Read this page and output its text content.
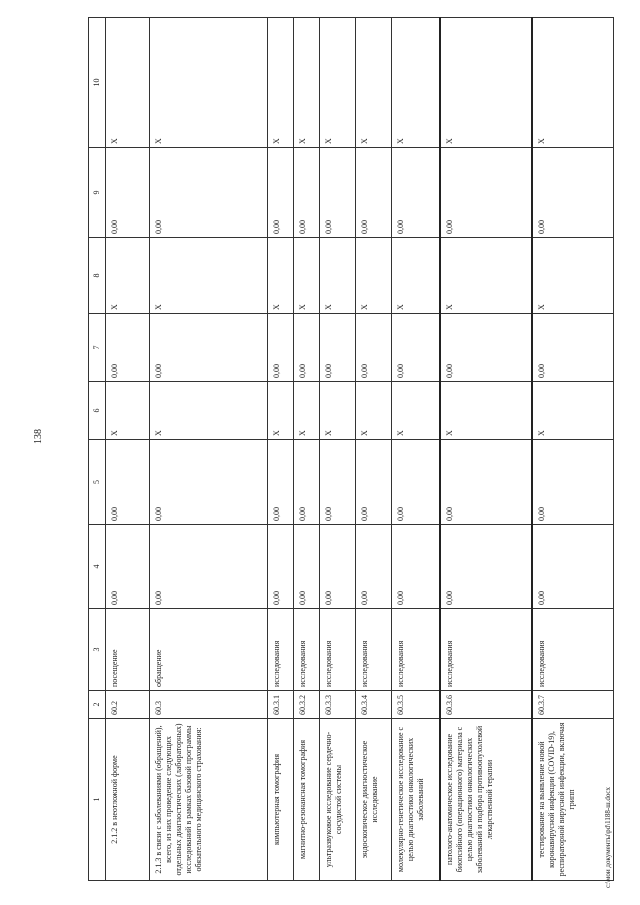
138
1	2	3	4	5	6	7	8	9	10
2.1.2 в неотложной форме	60.2	посещение	0,00	0,00	X	0,00	X	0,00	X
2.1.3 в связи с заболеваниями (обращений), всего, из них проведение следующих отдельных диагностических (лабораторных) исследований в рамках базовой программы обязательного медицинского страхования:	60.3	обращение	0,00	0,00	X	0,00	X	0,00	X
компьютерная томография	60.3.1	исследования	0,00	0,00	X	0,00	X	0,00	X
магнитно-резонансная томография	60.3.2	исследования	0,00	0,00	X	0,00	X	0,00	X
ультразвуковое исследование сердечно-сосудистой системы	60.3.3	исследования	0,00	0,00	X	0,00	X	0,00	X
эндоскопическое диагностическое исследование	60.3.4	исследования	0,00	0,00	X	0,00	X	0,00	X
молекулярно-генетическое исследование с целью диагностики онкологических заболеваний	60.3.5	исследования	0,00	0,00	X	0,00	X	0,00	X
патолого-анатомическое исследование биопсийного (операционного) материала с целью диагностики онкологических заболеваний и подбора противоопухолевой лекарственной терапии	60.3.6	исследования	0,00	0,00	X	0,00	X	0,00	X
тестирование на выявление новой коронавирусной инфекции (COVID-19), респираторной вирусной инфекции, включая грипп	60.3.7	исследования	0,00	0,00	X	0,00	X	0,00	X
c:\мои документы\pd\1188-ш.docx
